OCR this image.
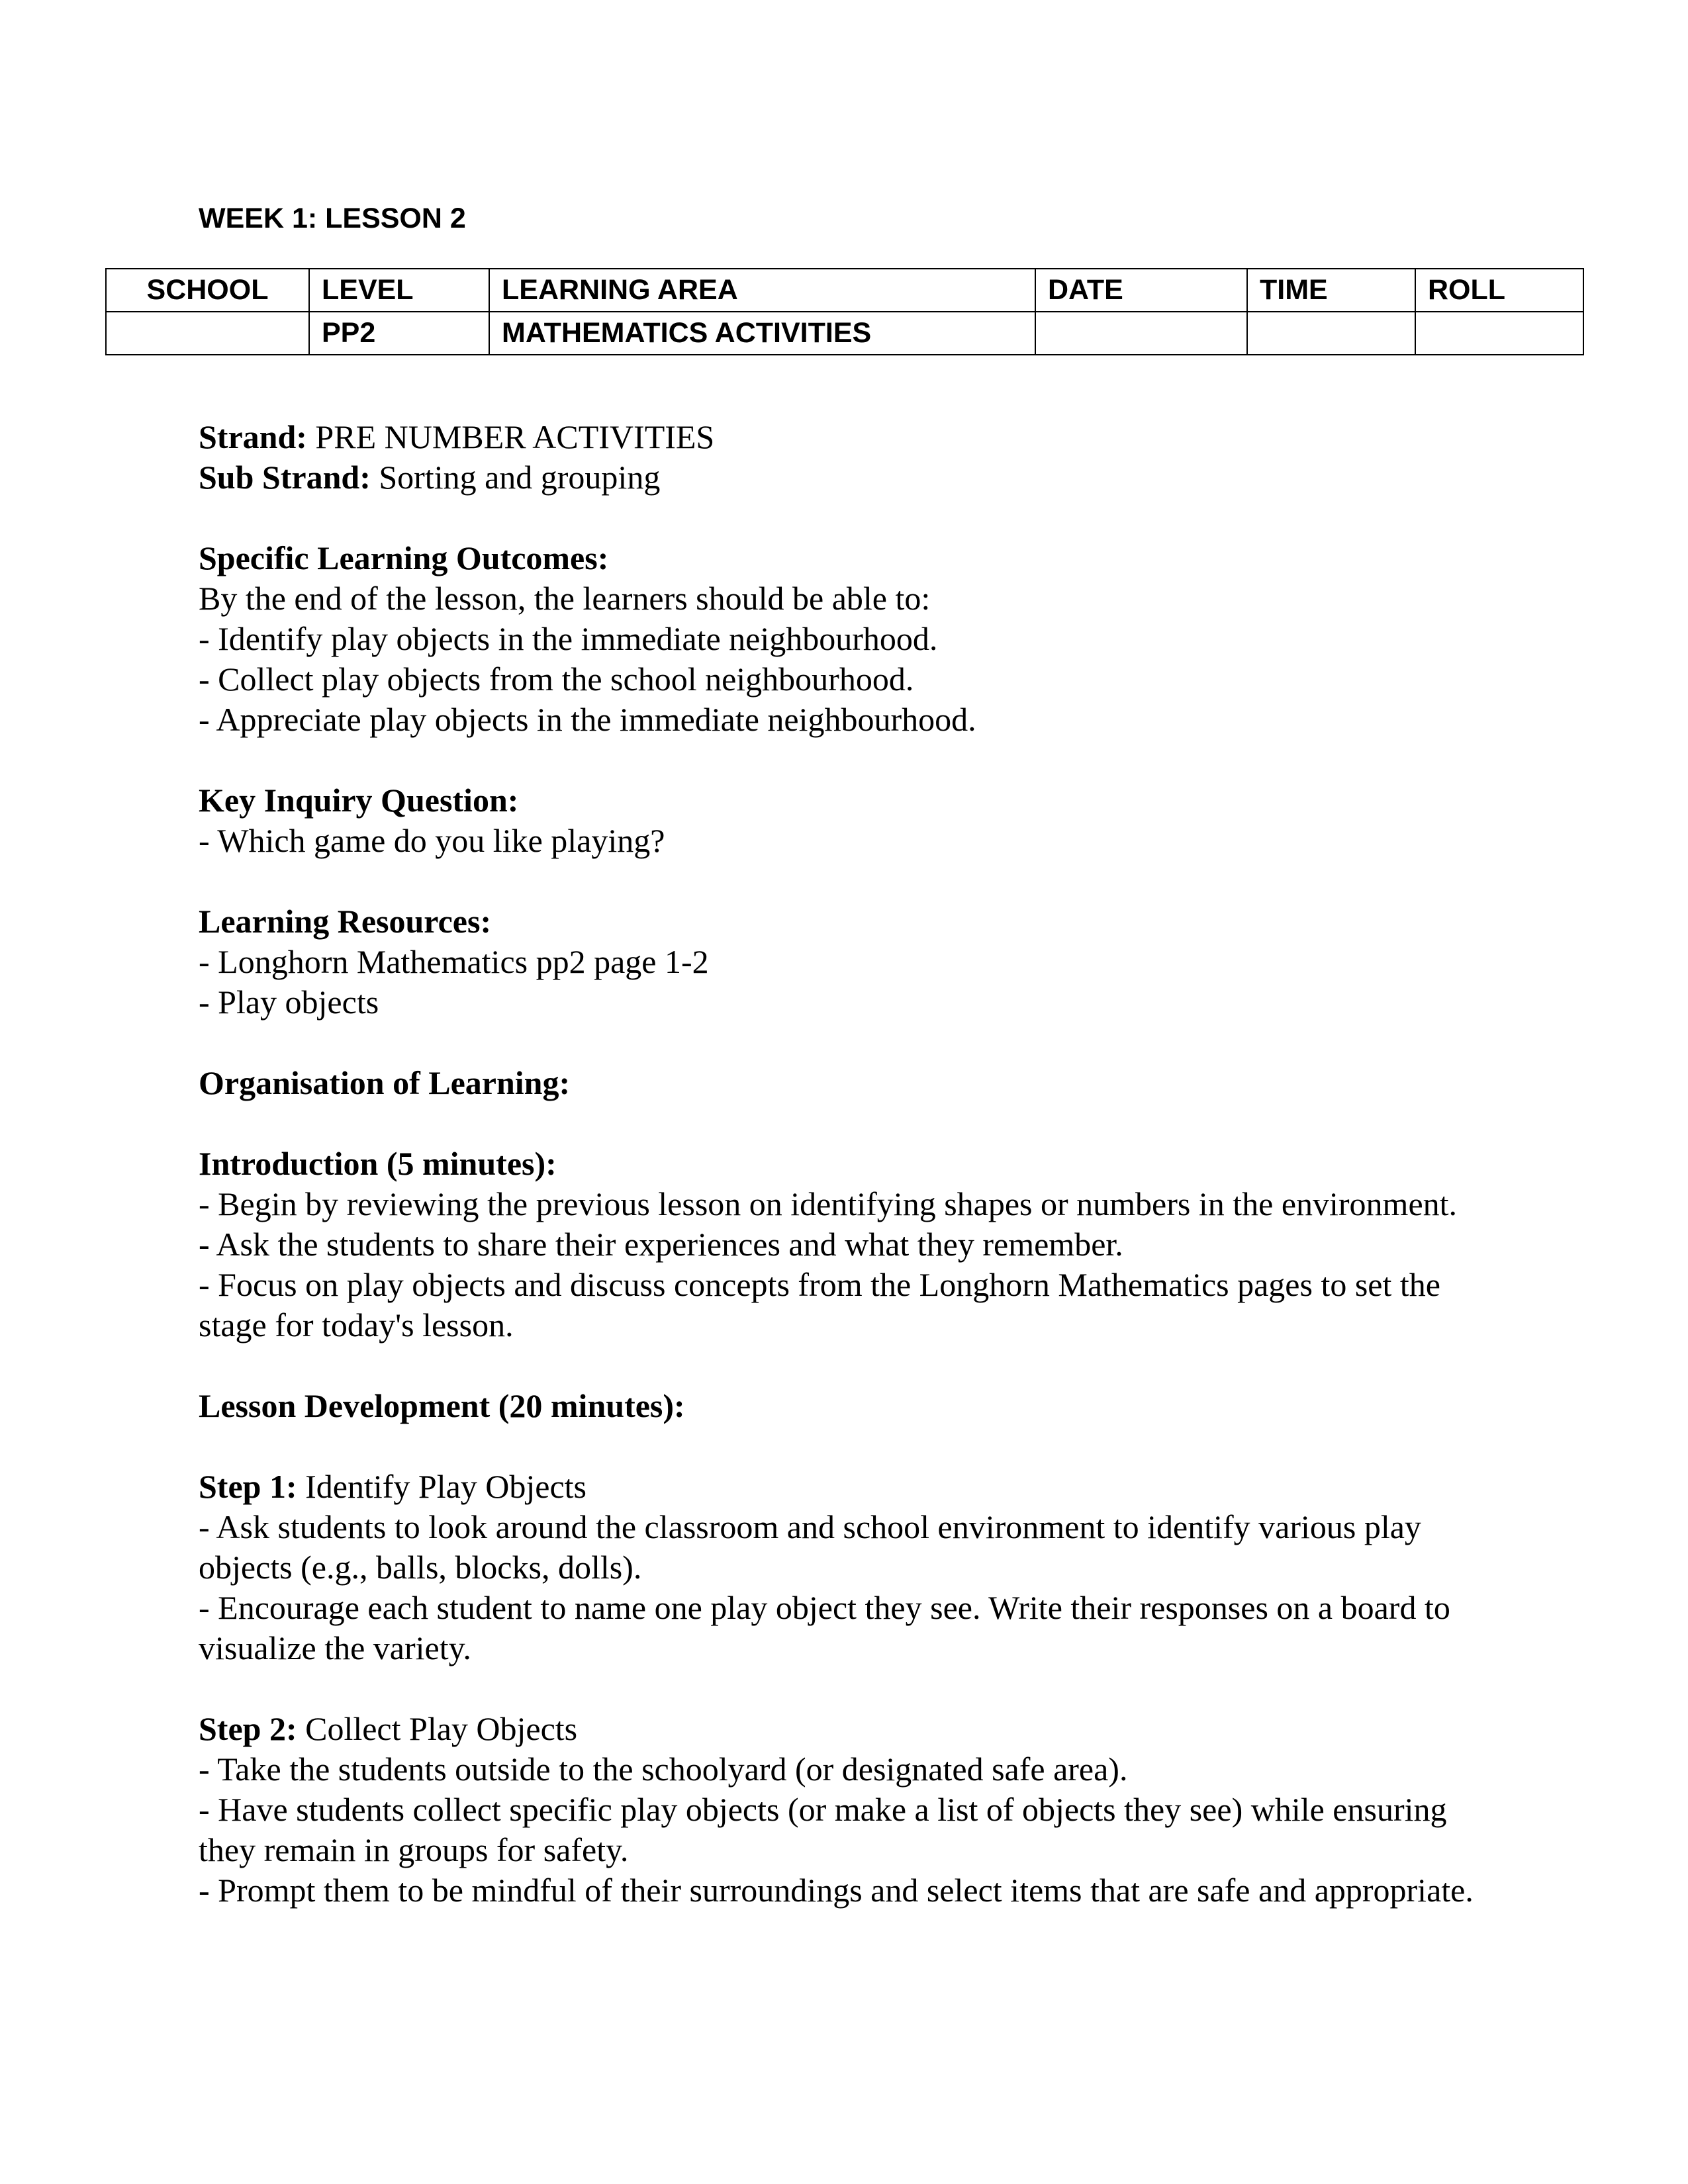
WEEK 1: LESSON 2
SCHOOL	LEVEL	LEARNING AREA	DATE	TIME	ROLL
	PP2	MATHEMATICS ACTIVITIES			

Strand: PRE NUMBER ACTIVITIES

Sub Strand: Sorting and grouping

Specific Learning Outcomes:

By the end of the lesson, the learners should be able to:

- Identify play objects in the immediate neighbourhood.

- Collect play objects from the school neighbourhood.

- Appreciate play objects in the immediate neighbourhood.

Key Inquiry Question:

- Which game do you like playing?

Learning Resources:

- Longhorn Mathematics pp2 page 1-2

- Play objects

Organisation of Learning:

Introduction (5 minutes):

- Begin by reviewing the previous lesson on identifying shapes or numbers in the environment.

- Ask the students to share their experiences and what they remember.

- Focus on play objects and discuss concepts from the Longhorn Mathematics pages to set the

stage for today's lesson.

Lesson Development (20 minutes):

Step 1: Identify Play Objects

- Ask students to look around the classroom and school environment to identify various play

objects (e.g., balls, blocks, dolls).

- Encourage each student to name one play object they see. Write their responses on a board to

visualize the variety.

Step 2: Collect Play Objects

- Take the students outside to the schoolyard (or designated safe area).

- Have students collect specific play objects (or make a list of objects they see) while ensuring

they remain in groups for safety.

- Prompt them to be mindful of their surroundings and select items that are safe and appropriate.
